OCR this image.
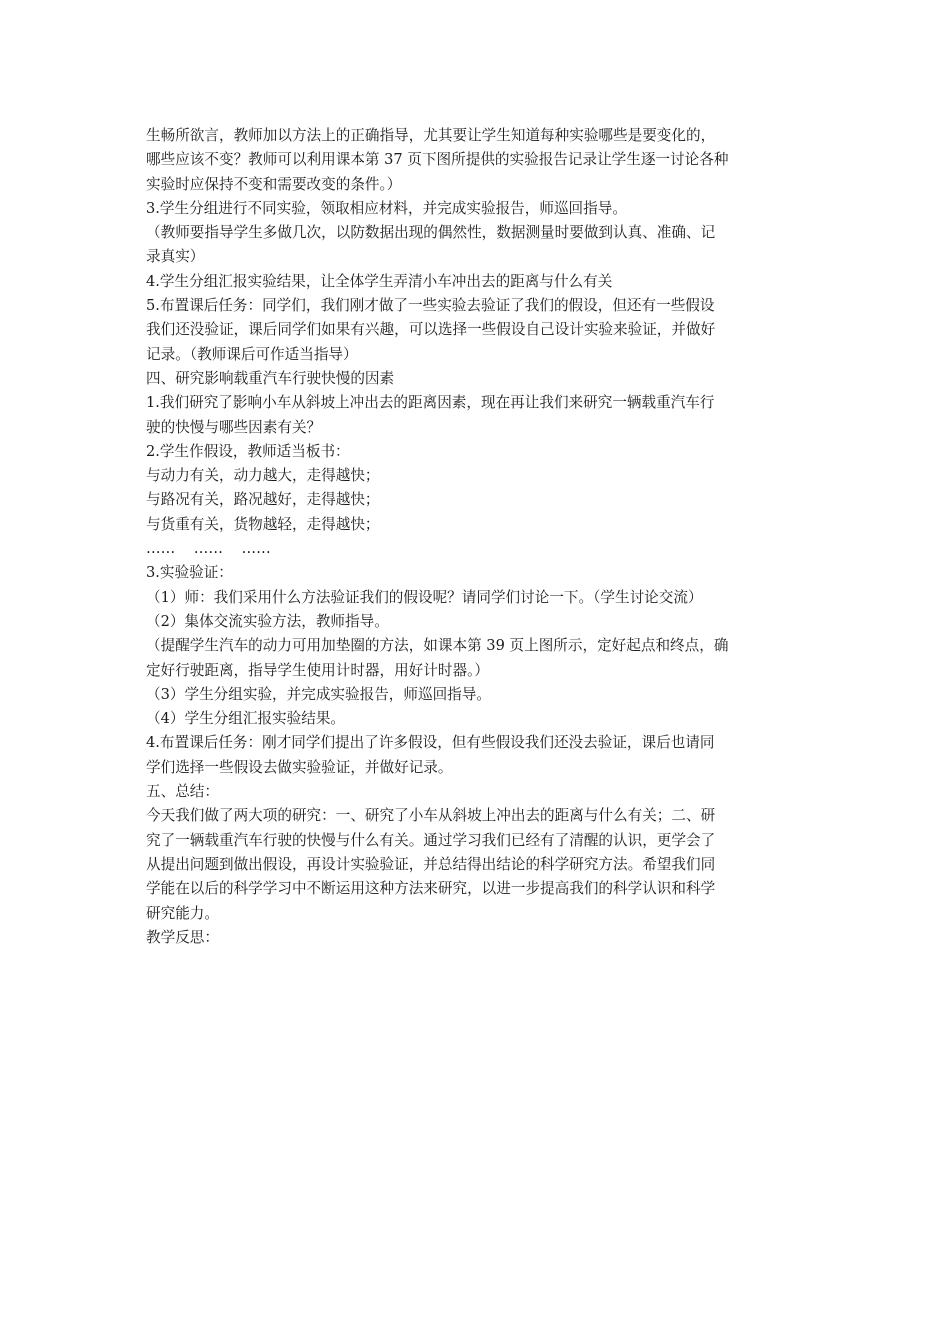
生畅所欲言，教师加以方法上的正确指导，尤其要让学生知道每种实验哪些是要变化的，
哪些应该不变？教师可以利用课本第 37 页下图所提供的实验报告记录让学生逐一讨论各种
实验时应保持不变和需要改变的条件。）
3.学生分组进行不同实验，领取相应材料，并完成实验报告，师巡回指导。
（教师要指导学生多做几次，以防数据出现的偶然性，数据测量时要做到认真、准确、记
录真实）
4.学生分组汇报实验结果，让全体学生弄清小车冲出去的距离与什么有关
5.布置课后任务：同学们，我们刚才做了一些实验去验证了我们的假设，但还有一些假设
我们还没验证，课后同学们如果有兴趣，可以选择一些假设自己设计实验来验证，并做好
记录。（教师课后可作适当指导）
四、研究影响载重汽车行驶快慢的因素
1.我们研究了影响小车从斜坡上冲出去的距离因素，现在再让我们来研究一辆载重汽车行
驶的快慢与哪些因素有关？
2.学生作假设，教师适当板书：
与动力有关，动力越大，走得越快；
与路况有关，路况越好，走得越快；
与货重有关，货物越轻，走得越快；
……    ……    ……
3.实验验证：
（1）师：我们采用什么方法验证我们的假设呢？请同学们讨论一下。（学生讨论交流）
（2）集体交流实验方法，教师指导。
（提醒学生汽车的动力可用加垫圈的方法，如课本第 39 页上图所示，定好起点和终点，确
定好行驶距离，指导学生使用计时器，用好计时器。）
（3）学生分组实验，并完成实验报告，师巡回指导。
（4）学生分组汇报实验结果。
4.布置课后任务：刚才同学们提出了许多假设，但有些假设我们还没去验证，课后也请同
学们选择一些假设去做实验验证，并做好记录。
五、总结：
今天我们做了两大项的研究：一、研究了小车从斜坡上冲出去的距离与什么有关；二、研
究了一辆载重汽车行驶的快慢与什么有关。通过学习我们已经有了清醒的认识，更学会了
从提出问题到做出假设，再设计实验验证，并总结得出结论的科学研究方法。希望我们同
学能在以后的科学学习中不断运用这种方法来研究，以进一步提高我们的科学认识和科学
研究能力。
教学反思：
